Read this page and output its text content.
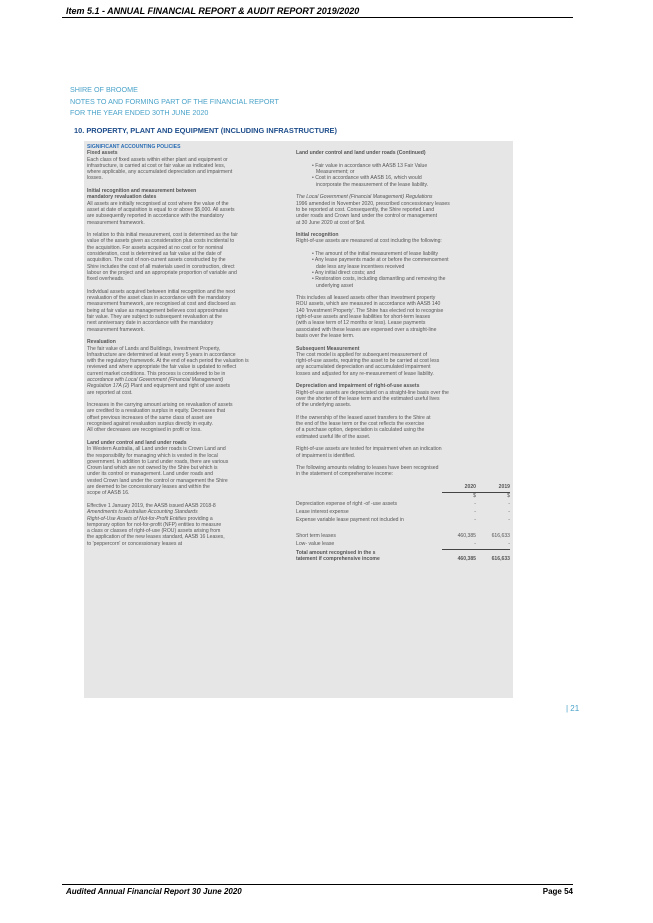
Item 5.1 - ANNUAL FINANCIAL REPORT & AUDIT REPORT 2019/2020
SHIRE OF BROOME
NOTES TO AND FORMING PART OF THE FINANCIAL REPORT
FOR THE YEAR ENDED 30TH JUNE 2020
10. PROPERTY, PLANT AND EQUIPMENT (INCLUDING INFRASTRUCTURE)

SIGNIFICANT ACCOUNTING POLICIES

Fixed assets

Each class of fixed assets within either plant and equipment or

infrastructure, is carried at cost or fair value as indicated less,

where applicable, any accumulated depreciation and impairment

losses.

Initial recognition and measurement between

mandatory revaluation dates

All assets are initially recognised at cost where the value of the

asset at date of acquisition is equal to or above $5,000. All assets

are subsequently reported in accordance with the mandatory

measurement framework.

In relation to this initial measurement, cost is determined as the fair

value of the assets given as consideration plus costs incidental to

the acquisition. For assets acquired at no cost or for nominal

consideration, cost is determined as fair value at the date of

acquisition. The cost of non-current assets constructed by the

Shire includes the cost of all materials used in construction, direct

labour on the project and an appropriate proportion of variable and

fixed overheads.

Individual assets acquired between initial recognition and the next

revaluation of the asset class in accordance with the mandatory

measurement framework, are recognised at cost and disclosed as

being at fair value as management believes cost approximates

fair value. They are subject to subsequent revaluation at the

next anniversary date in accordance with the mandatory

measurement framework.

Revaluation

The fair value of Lands and Buildings, Investment Property,

Infrastructure are determined at least every 5 years in accordance

with the regulatory framework. At the end of each period the valuation is

reviewed and where appropriate the fair value is updated to reflect

current market conditions. This process is considered to be in

accordance with Local Government (Financial Management)

Regulation 17A (2) Plant and equipment and right of use assets

are reported at cost.

Increases in the carrying amount arising on revaluation of assets

are credited to a revaluation surplus in equity. Decreases that

offset previous increases of the same class of asset are

recognised against revaluation surplus directly in equity.

All other decreases are recognised in profit or loss.

Land under control and land under roads

In Western Australia, all Land under roads is Crown Land and

the responsibility for managing which is vested in the local

government. In addition to Land under roads, there are various

Crown land which are not owned by the Shire but which is

under its control or management. Land under roads and

vested Crown land under the control or management the Shire

are deemed to be concessionary leases and within the

scope of AASB 16.

Effective 1 January 2019, the AASB issued AASB 2018-8

Amendments to Australian Accounting Standards

Right-of-Use Assets of Not-for-Profit Entities providing a

temporary option for not-for-profit (NFP) entities to measure

a class or classes of right-of-use (ROU) assets arising from

the application of the new leases standard, AASB 16 Leases,

to 'peppercorn' or concessionary leases at

Land under control and land under roads (Continued)

• Fair value in accordance with AASB 13 Fair Value

Measurement; or

• Cost in accordance with AASB 16, which would

incorporate the measurement of the lease liability.

The Local Government (Financial Management) Regulations

1996 amended in November 2020, prescribed concessionary leases

to be reported at cost. Consequently, the Shire reported Land

under roads and Crown land under the control or management

at 30 June 2020 at cost of $nil.

Initial recognition

Right-of-use assets are measured at cost including the following:

• The amount of the initial measurement of lease liability

• Any lease payments made at or before the commencement

date less any lease incentives received

• Any initial direct costs; and

• Restoration costs, including dismantling and removing the

underlying asset

This includes all leased assets other than investment property

ROU assets, which are measured in accordance with AASB 140

140 'Investment Property'. The Shire has elected not to recognise

right-of-use assets and lease liabilities for short-term leases

(with a lease term of 12 months or less). Lease payments

associated with these leases are expensed over a straight-line

basis over the lease term.

Subsequent Measurement

The cost model is applied for subsequent measurement of

right-of-use assets, requiring the asset to be carried at cost less

any accumulated depreciation and accumulated impairment

losses and adjusted for any re-measurement of lease liability.

Depreciation and impairment of right-of-use assets

Right-of-use assets are depreciated on a straight-line basis over the

over the shorter of the lease term and the estimated useful lives

of the underlying assets.

If the ownership of the leased asset transfers to the Shire at

the end of the lease term or the cost reflects the exercise

of a purchase option, depreciation is calculated using the

estimated useful life of the asset.

Right-of-use assets are tested for impairment when an indication

of impairment is identified.

The following amounts relating to leases have been recognised

in the statement of comprehensive income:

	2020	2019
	$	$
Depreciation expense of right -of -use assets	-	-
Lease interest expense	-	-
Expense variable lease payment not included in	-	-

Short term leases	460,385	616,633
Low- value lease	-	-
Total amount recognised in the s
tatement if comprehensive income	460,385	616,633
| 21
Audited Annual Financial Report 30 June 2020	Page 54
